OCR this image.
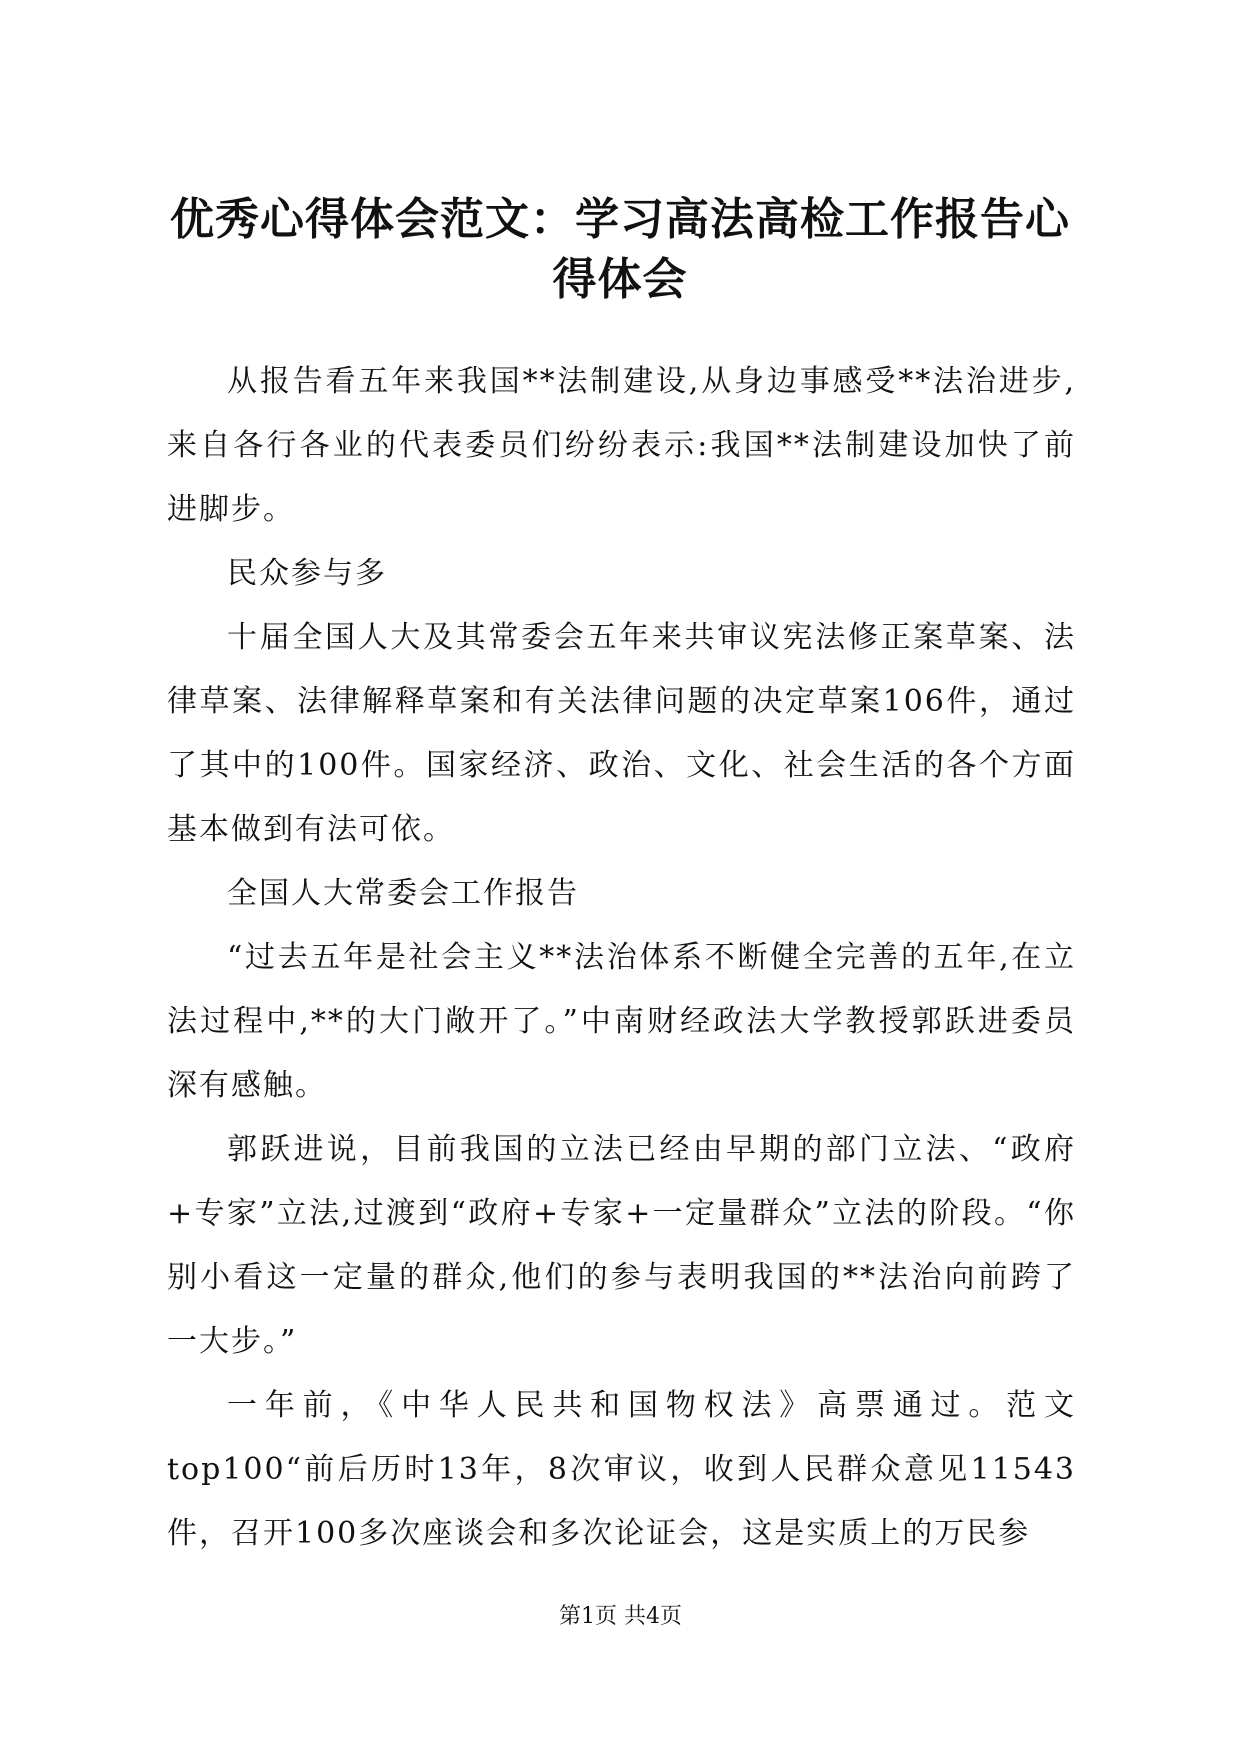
优秀心得体会范文：学习高法高检工作报告心得体会

从报告看五年来我国**法制建设,从身边事感受**法治进步,来自各行各业的代表委员们纷纷表示:我国**法制建设加快了前进脚步。

民众参与多

十届全国人大及其常委会五年来共审议宪法修正案草案、法律草案、法律解释草案和有关法律问题的决定草案106件，通过了其中的100件。国家经济、政治、文化、社会生活的各个方面基本做到有法可依。

全国人大常委会工作报告

“过去五年是社会主义**法治体系不断健全完善的五年,在立法过程中,**的大门敞开了。”中南财经政法大学教授郭跃进委员深有感触。

郭跃进说，目前我国的立法已经由早期的部门立法、“政府+专家”立法,过渡到“政府+专家+一定量群众”立法的阶段。“你别小看这一定量的群众,他们的参与表明我国的**法治向前跨了一大步。”

一年前，《中华人民共和国物权法》高票通过。范文top100“前后历时13年，8次审议，收到人民群众意见11543件，召开100多次座谈会和多次论证会，这是实质上的万民参

第1页 共4页
